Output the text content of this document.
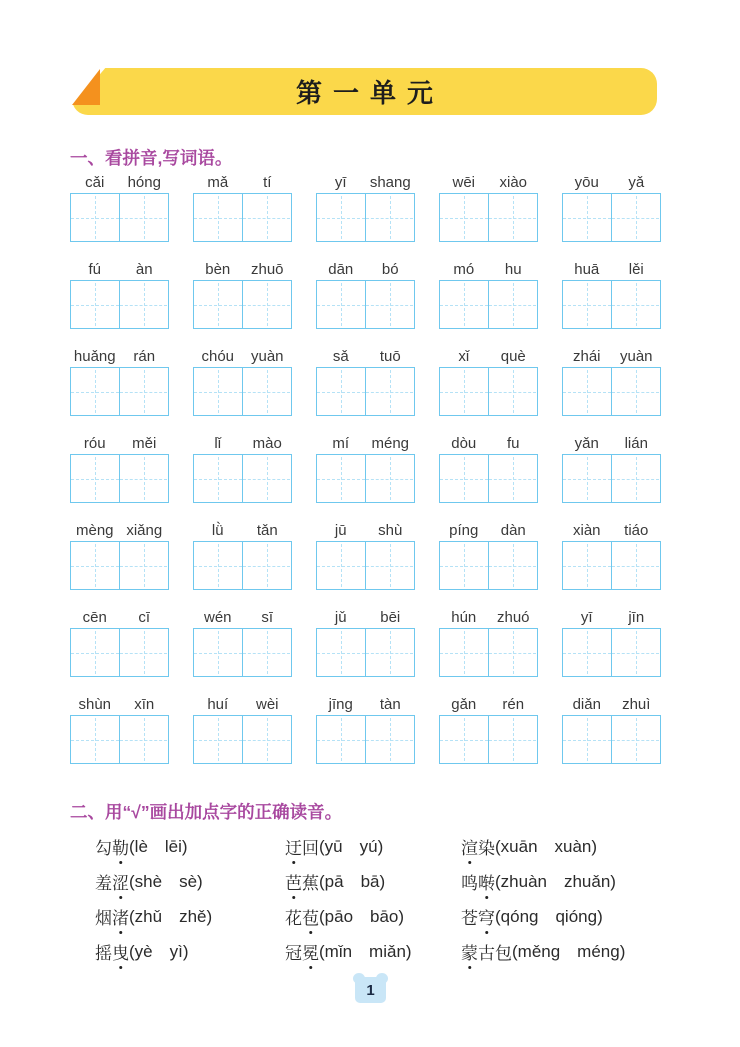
第一单元
一、看拼音,写词语。
cǎi	hóng	mǎ	tí	yī	shang	wēi	xiào	yōu	yǎ
fú	àn	bèn	zhuō	dān	bó	mó	hu	huā	lěi
huǎng	rán	chóu	yuàn	sǎ	tuō	xǐ	què	zhái	yuàn
róu	měi	lǐ	mào	mí	méng	dòu	fu	yǎn	lián
mèng xiǎng	lǜ	tǎn	jū	shù	píng	dàn	xiàn	tiáo
cēn	cī	wén	sī	jǔ	bēi	hún	zhuó	yī	jīn
shùn	xīn	huí	wèi	jīng	tàn	gǎn	rén	diǎn	zhuì
二、用“√”画出加点字的正确读音。
勾勒 (lè  lēi)	迂回 (yū  yú)	渲染 (xuān  xuàn)
羞涩 (shè  sè)	芭蕉 (pā  bā)	鸣啭 (zhuàn  zhuǎn)
烟渚 (zhǔ  zhě)	花苞 (pāo  bāo)	苍穹 (qóng  qióng)
摇曳 (yè  yì)	冠冕 (mǐn  miǎn)	蒙古包 (měng  méng)
1
